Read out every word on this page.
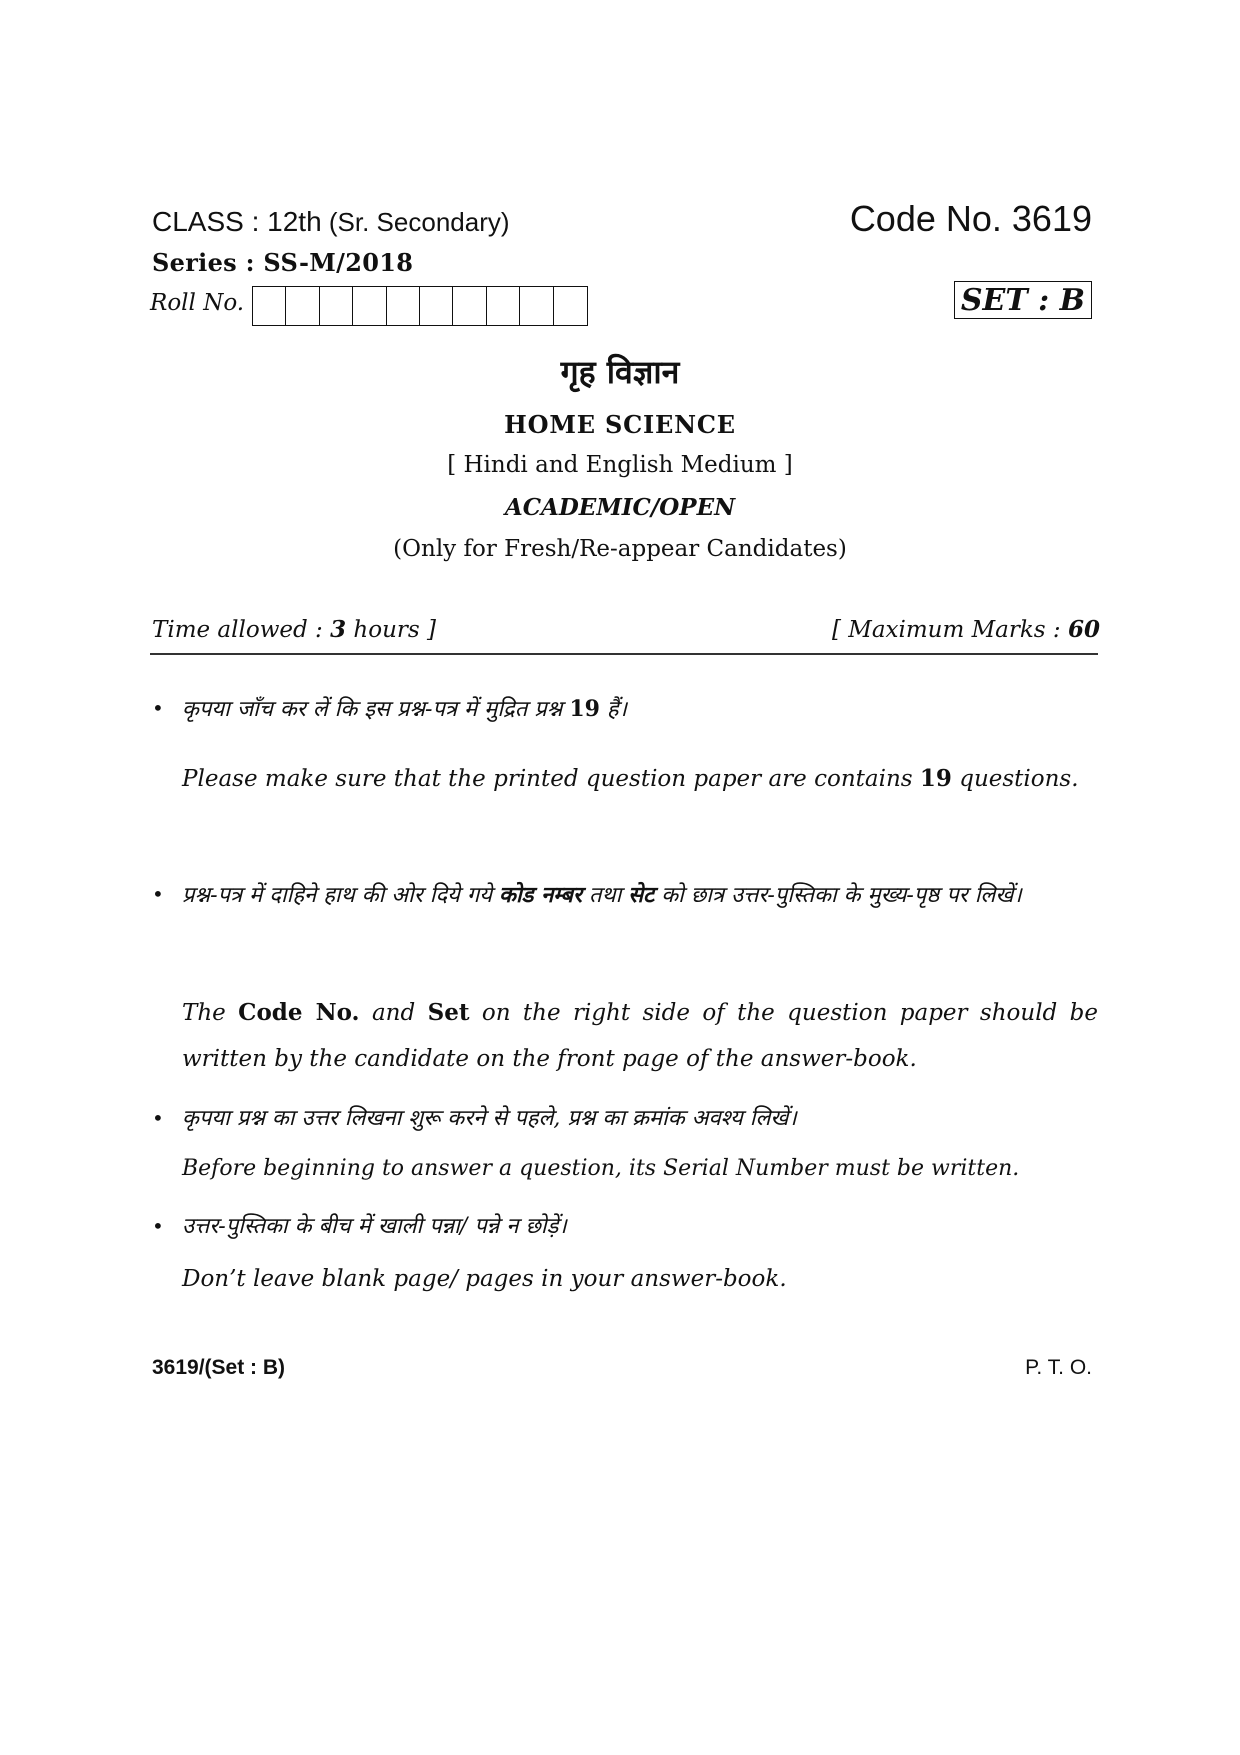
CLASS : 12th (Sr. Secondary)	Code No. 3619
Series : SS-M/2018
Roll No.	SET : B
गृह विज्ञान
HOME SCIENCE
[ Hindi and English Medium ]
ACADEMIC/OPEN
(Only for Fresh/Re-appear Candidates)
Time allowed : 3 hours ]	[ Maximum Marks : 60
• कृपया जाँच कर लें कि इस प्रश्न-पत्र में मुद्रित प्रश्न 19 हैं।
Please make sure that the printed question paper are contains 19 questions.
• प्रश्न-पत्र में दाहिने हाथ की ओर दिये गये कोड नम्बर तथा सेट को छात्र उत्तर-पुस्तिका के मुख्य-पृष्ठ पर लिखें।
The Code No. and Set on the right side of the question paper should be written by the candidate on the front page of the answer-book.
• कृपया प्रश्न का उत्तर लिखना शुरू करने से पहले, प्रश्न का क्रमांक अवश्य लिखें।
Before beginning to answer a question, its Serial Number must be written.
• उत्तर-पुस्तिका के बीच में खाली पन्ना/ पन्ने न छोड़ें।
Don’t leave blank page/ pages in your answer-book.
3619/(Set : B)	P. T. O.
